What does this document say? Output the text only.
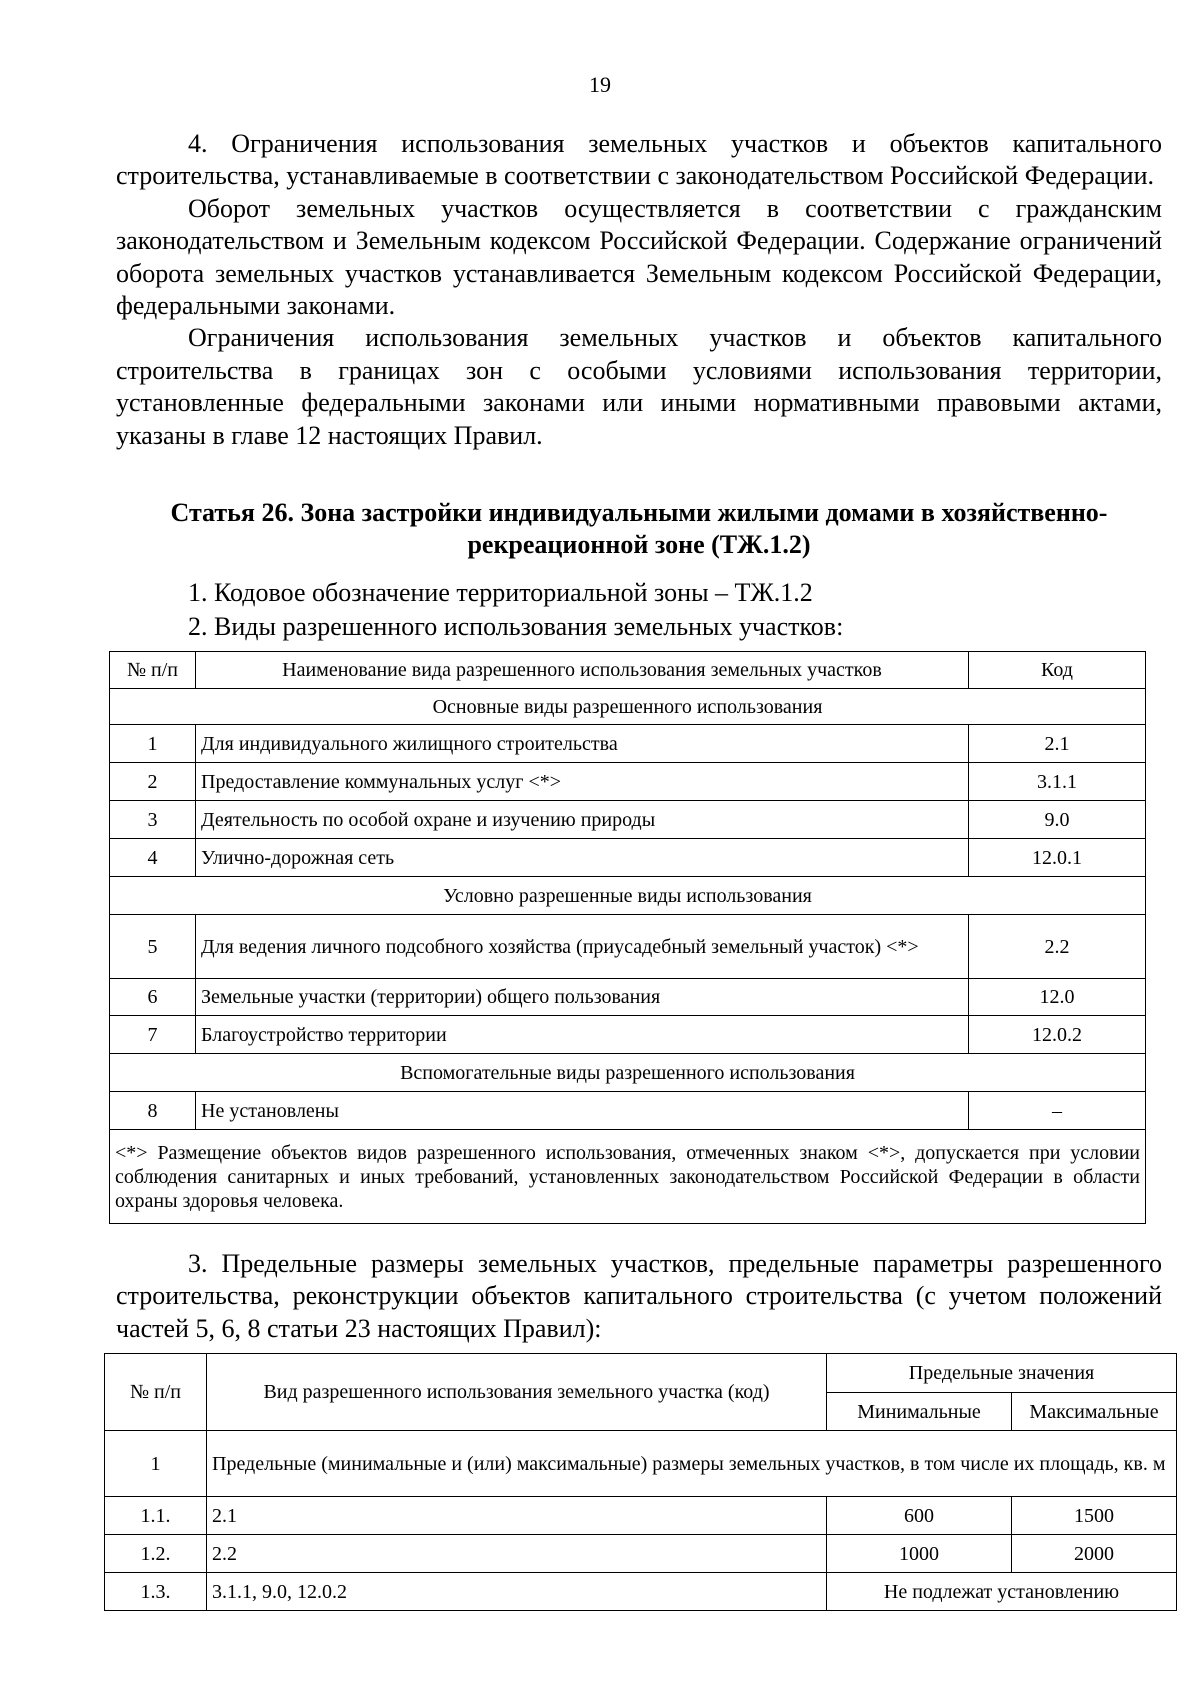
19

4. Ограничения использования земельных участков и объектов капитального строительства, устанавливаемые в соответствии с законодательством Российской Федерации.

Оборот земельных участков осуществляется в соответствии с гражданским законодательством и Земельным кодексом Российской Федерации. Содержание ограничений оборота земельных участков устанавливается Земельным кодексом Российской Федерации, федеральными законами.

Ограничения использования земельных участков и объектов капитального строительства в границах зон с особыми условиями использования территории, установленные федеральными законами или иными нормативными правовыми актами, указаны в главе 12 настоящих Правил.

Статья 26. Зона застройки индивидуальными жилыми домами в хозяйственно-рекреационной зоне (ТЖ.1.2)
1. Кодовое обозначение территориальной зоны – ТЖ.1.2
2. Виды разрешенного использования земельных участков:
№ п/п	Наименование вида разрешенного использования земельных участков	Код
Основные виды разрешенного использования		
1	Для индивидуального жилищного строительства	2.1
2	Предоставление коммунальных услуг <*>	3.1.1
3	Деятельность по особой охране и изучению природы	9.0
4	Улично-дорожная сеть	12.0.1
Условно разрешенные виды использования		
5	Для ведения личного подсобного хозяйства (приусадебный земельный участок) <*>	2.2
6	Земельные участки (территории) общего пользования	12.0
7	Благоустройство территории	12.0.2
Вспомогательные виды разрешенного использования		
8	Не установлены	–
<*> Размещение объектов видов разрешенного использования, отмеченных знаком <*>, допускается при условии соблюдения санитарных и иных требований, установленных законодательством Российской Федерации в области охраны здоровья человека.		

3. Предельные размеры земельных участков, предельные параметры разрешенного строительства, реконструкции объектов капитального строительства (с учетом положений частей 5, 6, 8 статьи 23 настоящих Правил):

№ п/п	Вид разрешенного использования земельного участка (код)	Предельные значения	
		Минимальные	Максимальные
1	Предельные (минимальные и (или) максимальные) размеры земельных участков, в том числе их площадь, кв. м		
1.1.	2.1	600	1500
1.2.	2.2	1000	2000
1.3.	3.1.1, 9.0, 12.0.2	Не подлежат установлению	
